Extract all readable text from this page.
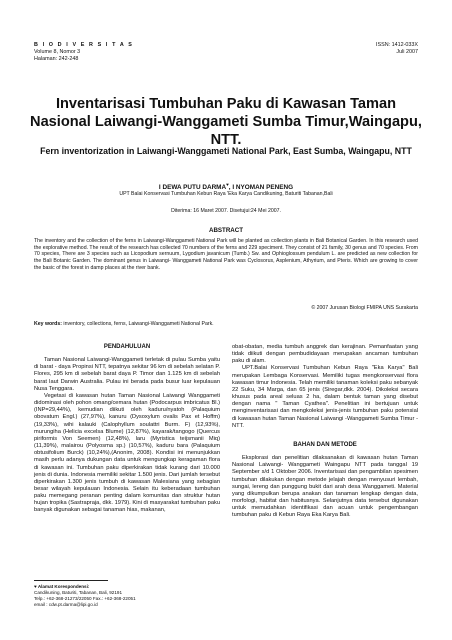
B I O D I V E R S I T A S
Volume 8, Nomor 3
Halaman: 242-248
ISSN: 1412-033X
Juli 2007
Inventarisasi Tumbuhan Paku di Kawasan Taman Nasional Laiwangi-Wanggameti Sumba Timur,Waingapu, NTT.
Fern inventorization in Laiwangi-Wanggameti National Park, East Sumba, Waingapu, NTT
I DEWA PUTU DARMA♥, I NYOMAN PENENG
UPT Balai Konservasi Tumbuhan Kebun Raya 'Eka Karya Candikuning, Baturiti Tabanan,Bali
Diterima: 16 Maret 2007. Disetujui:24 Mei 2007.
ABSTRACT
The inventory and the collection of the ferns in Laiwangi-Wanggameti National Park will be planted as collection plants in Bali Botanical Garden. In this research used the explorative method. The result of the research has collected 70 numbers of the ferns and 229 speciment. They consist of 21 family, 30 genus and 70 species. From 70 species, There are 3 species such as Licopodium sernuum, Lygodium javanicum (Tumb.) Sw. and Ophioglossum pendulum L. are predicted as new collection for the Bali Botanic Garden. The dominant genus in Laiwangi- Wanggameti National Park was Cyclosorus, Asplenium, Athyrium, and Pteris. Which are growing to cover the basic of the forest in damp places at the river bank.
© 2007 Jurusan Biologi FMIPA UNS Surakarta
Key words: inventory, collections, ferns, Laiwangi-Wanggameti National Park.
PENDAHULUAN

Taman Nasional Laiwangi-Wanggameti terletak di pulau Sumba yaitu di barat - daya Propinsi NTT, tepatnya sekitar 96 km di sebelah selatan P. Flores, 295 km di sebelah barat daya P. Timor dan 1.125 km di sebelah barat laut Darwin Australia. Pulau ini berada pada busur luar kepulauan Nusa Tenggara.

Vegetasi di kawasan hutan Taman Nasional Laiwangi Wanggameti didominasi oleh pohon omang/cemara hutan (Podocarpus imbricatus Bl.) (INP=29,44%), kemudian diikuti oleh kaduru/nyatoh (Palaquium obovatum Engl.) (27,97%), kanuru (Dysoxylum ovalis Pax et Hoffm) (19,33%), wihi kalauki (Calophyllum soulattri Burm. F) (12,93%), murungiha (Helicia excelsa Blume) (12,87%), kayarak/tangogo (Quercus piriformis Von Seemen) (12,48%), laru (Myristica teijsmanii Miq) (11,39%), malairou (Polyosma sp.) (10,57%), kaduru bara (Palaquium obtusifolium Burck) (10,24%),(Anonim, 2008). Kondisi ini menunjukkan masih perlu adanya dukungan data untuk mengungkap keragaman flora di kawasan ini. Tumbuhan paku diperkirakan tidak kurang dari 10.000 jenis di dunia. Indonesia memiliki sekitar 1.500 jenis. Dari jumlah tersebut diperkirakan 1.300 jenis tumbuh di kawasan Malesiana yang sebagian besar wilayah kepulauan Indonesia. Selain itu keberadaan tumbuhan paku memegang peranan penting dalam komunitas dan struktur hutan hujan tropika (Sastrapraja, dkk. 1979). Kini di masyarakat tumbuhan paku banyak digunakan sebagai tanaman hias, makanan,

obat-obatan, media tumbuh anggrek dan kerajinan. Pemanfaatan yang tidak diikuti dengan pembudidayaan merupakan ancaman tumbuhan paku di alam.

UPT.Balai Konservasi Tumbuhan Kebun Raya "Eka Karya" Bali merupakan Lembaga Konservasi. Memiliki tugas mengkonservasi flora kawasan timur Indonesia. Telah memiliki tanaman koleksi paku sebanyak 22 Suku, 34 Marga, dan 65 jenis (Siregar,dkk. 2004). Dikoleksi secara khusus pada areal seluas 2 ha, dalam bentuk taman yang disebut dengan nama " Taman Cyathea". Penelitian ini bertujuan untuk menginventarisasi dan mengkoleksi jenis-jenis tumbuhan paku potensial di kawasan hutan Taman Nasional Laiwangi -Wanggameti Sumba Timur - NTT.

BAHAN DAN METODE

Eksplorasi dan penelitian dilaksanakan di kawasan hutan Taman Nasional Laiwangi- Wanggameti Waingapu NTT pada tanggal 19 September s/d 1 Oktober 2006. Inventarisasi dan pengambilan spesimen tumbuhan dilakukan dengan metode jelajah dengan menyusuri lembah, sungai, lereng dan punggung bukit dari arah desa Wanggameti. Material yang dikumpulkan berupa anakan dan tanaman lengkap dengan data, morfologi, habitat dan habitusnya. Selanjutnya data tersebut digunakan untuk memudahkan identifikasi dan acuan untuk pengembangan tumbuhan paku di Kebun Raya Eka Karya Bali.

♥ Alamat Korespondensi:
Candikuning, Baturiti, Tabanan, Bali, 92191
Telp.: +62-368-21273/22050 Fax.: +62-368-22051
email : cdw.pt.darma@lipi.go.id
